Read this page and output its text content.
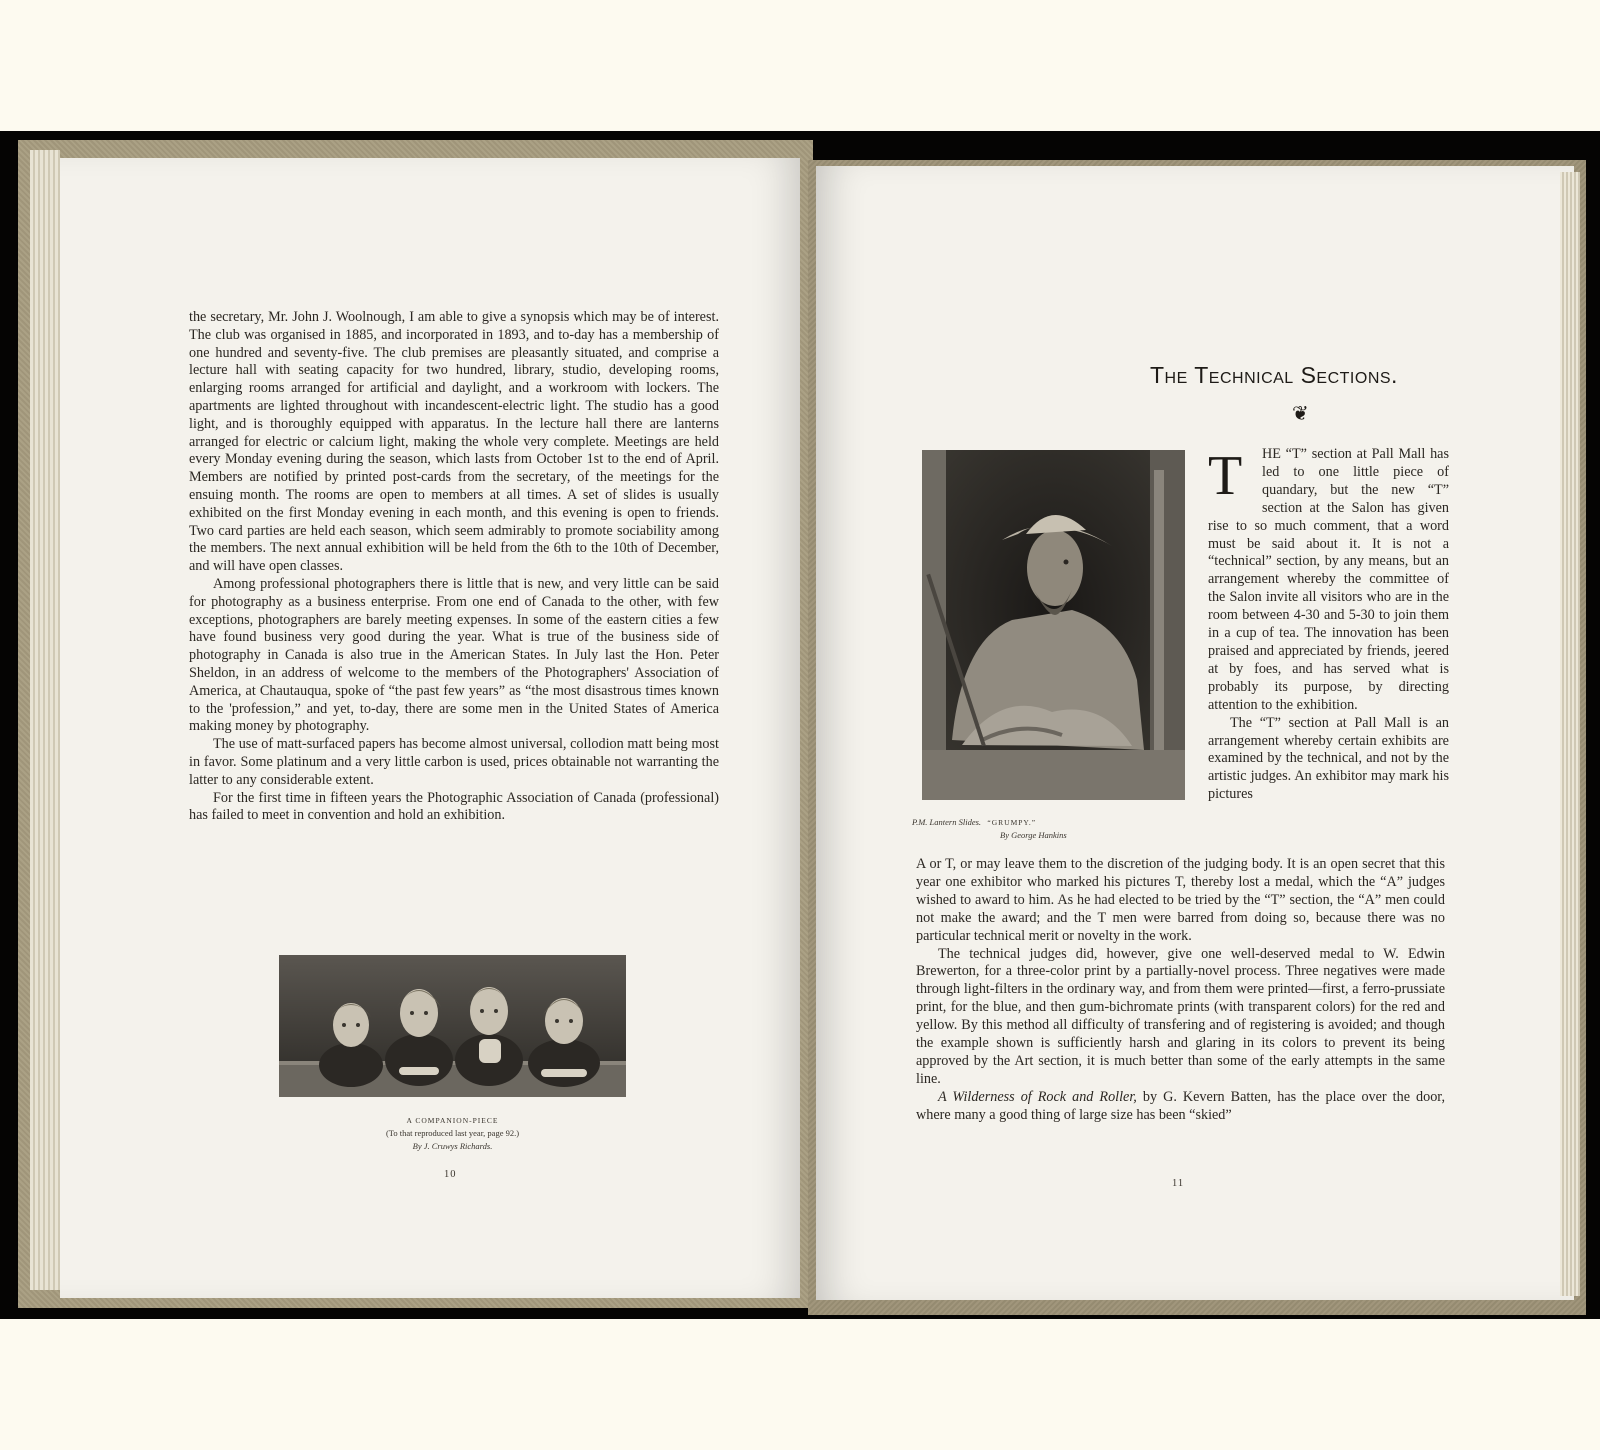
the secretary, Mr. John J. Woolnough, I am able to give a synopsis which may be of interest. The club was organised in 1885, and incorporated in 1893, and to-day has a membership of one hundred and seventy-five. The club premises are pleasantly situated, and comprise a lecture hall with seating capacity for two hundred, library, studio, developing rooms, enlarging rooms arranged for artificial and daylight, and a workroom with lockers. The apartments are lighted throughout with incandescent-electric light. The studio has a good light, and is thoroughly equipped with apparatus. In the lecture hall there are lanterns arranged for electric or calcium light, making the whole very complete. Meetings are held every Monday evening during the season, which lasts from October 1st to the end of April. Members are notified by printed post-cards from the secretary, of the meetings for the ensuing month. The rooms are open to members at all times. A set of slides is usually exhibited on the first Monday evening in each month, and this evening is open to friends. Two card parties are held each season, which seem admirably to promote sociability among the members. The next annual exhibition will be held from the 6th to the 10th of December, and will have open classes.

Among professional photographers there is little that is new, and very little can be said for photography as a business enterprise. From one end of Canada to the other, with few exceptions, photographers are barely meeting expenses. In some of the eastern cities a few have found business very good during the year. What is true of the business side of photography in Canada is also true in the American States. In July last the Hon. Peter Sheldon, in an address of welcome to the members of the Photographers' Association of America, at Chautauqua, spoke of “the past few years” as “the most disastrous times known to the 'profession,” and yet, to-day, there are some men in the United States of America making money by photography.

The use of matt-surfaced papers has become almost universal, collodion matt being most in favor. Some platinum and a very little carbon is used, prices obtainable not warranting the latter to any considerable extent.

For the first time in fifteen years the Photographic Association of Canada (professional) has failed to meet in convention and hold an exhibition.

A COMPANION-PIECE
(To that reproduced last year, page 92.)
By J. Cruwys Richards.
10
The Technical Sections.
❦
P.M. Lantern Slides. “GRUMPY.”
By George Hankins
T	HE “T” section at Pall Mall has led to one little piece of quandary, but the new “T” section at the Salon has given rise to so much comment, that a word must be said about it. It is not a “technical” section, by any means, but an arrangement whereby the committee of the Salon invite all visitors who are in the room between 4-30 and 5-30 to join them in a cup of tea. The innovation has been praised and appreciated by friends, jeered at by foes, and has served what is probably its purpose, by directing attention to the exhibition.

The “T” section at Pall Mall is an arrangement whereby certain exhibits are examined by the technical, and not by the artistic judges. An exhibitor may mark his pictures

A or T, or may leave them to the discretion of the judging body. It is an open secret that this year one exhibitor who marked his pictures T, thereby lost a medal, which the “A” judges wished to award to him. As he had elected to be tried by the “T” section, the “A” men could not make the award; and the T men were barred from doing so, because there was no particular technical merit or novelty in the work.

The technical judges did, however, give one well-deserved medal to W. Edwin Brewerton, for a three-color print by a partially-novel process. Three negatives were made through light-filters in the ordinary way, and from them were printed—first, a ferro-prussiate print, for the blue, and then gum-bichromate prints (with transparent colors) for the red and yellow. By this method all difficulty of transfering and of registering is avoided; and though the example shown is sufficiently harsh and glaring in its colors to prevent its being approved by the Art section, it is much better than some of the early attempts in the same line.

A Wilderness of Rock and Roller, by G. Kevern Batten, has the place over the door, where many a good thing of large size has been “skied”

11
